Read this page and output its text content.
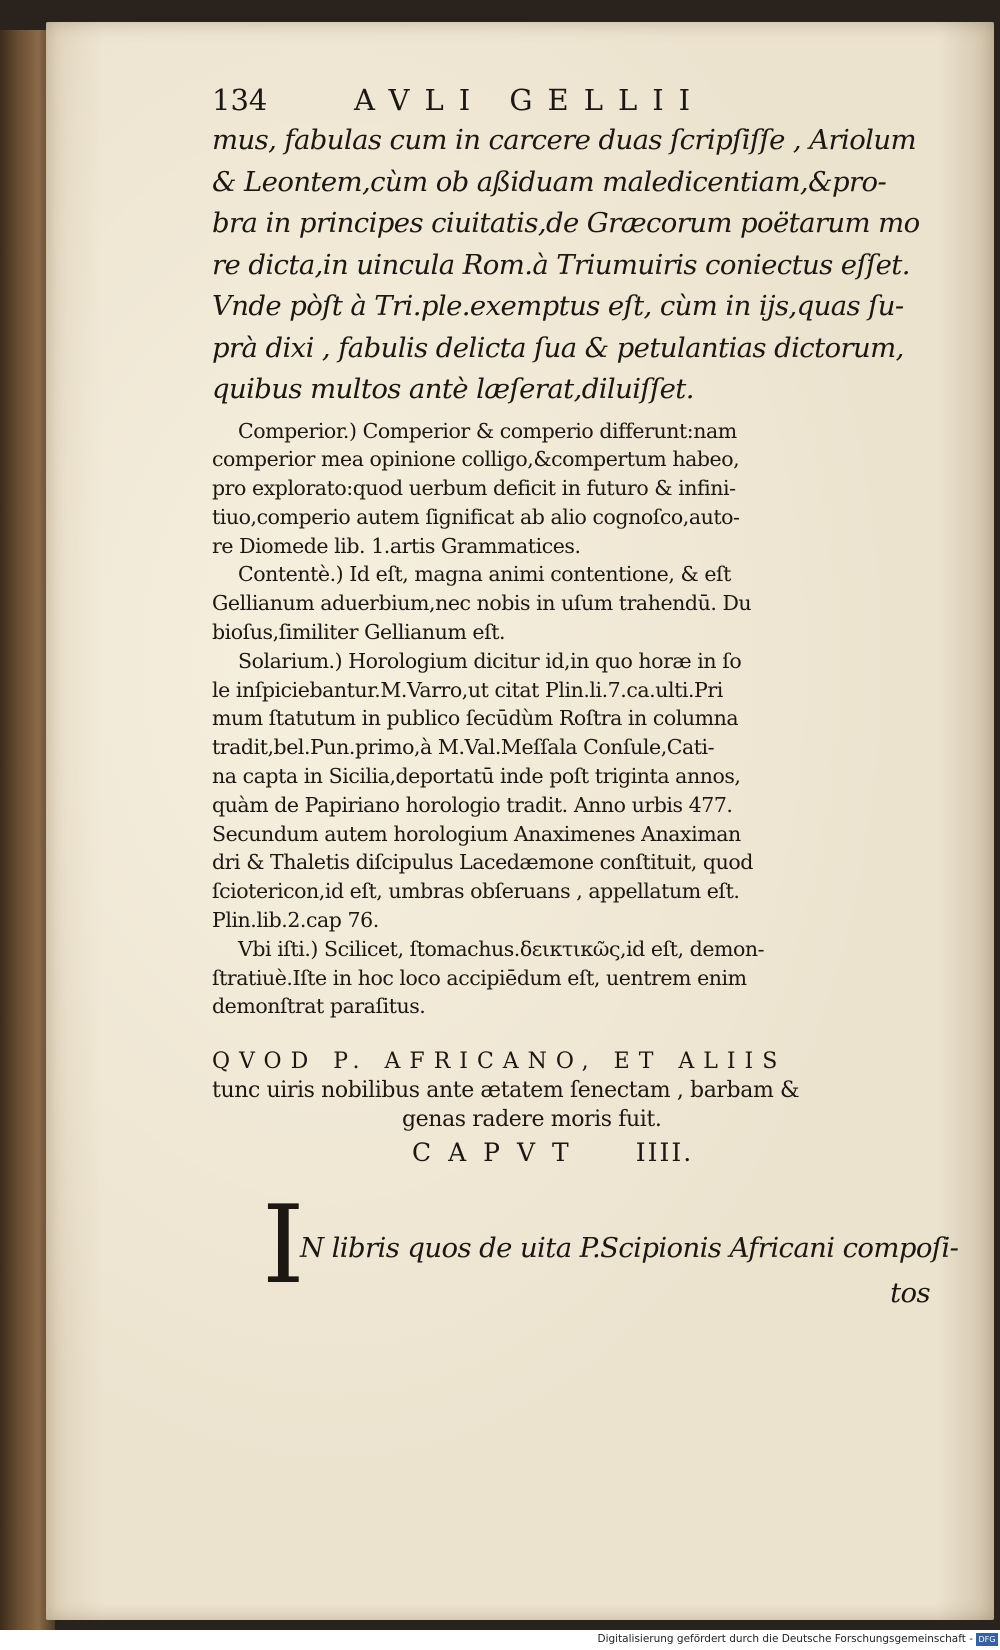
134	AVLI GELLII
mus, fabulas cum in carcere duas ſcripſiſſe , Ariolum
& Leontem,cùm ob aßiduam maledicentiam,&pro-
bra in principes ciuitatis,de Græcorum poëtarum mo
re dicta,in uincula Rom.à Triumuiris coniectus eſſet.
Vnde pòſt à Tri.ple.exemptus eſt, cùm in ijs,quas ſu-
prà dixi , fabulis delicta ſua & petulantias dictorum,
quibus multos antè læſerat,diluiſſet.
Comperior.) Comperior & comperio differunt:nam
comperior mea opinione colligo,&compertum habeo,
pro explorato:quod uerbum deficit in futuro & infini-
tiuo,comperio autem ſignificat ab alio cognoſco,auto-
re Diomede lib. 1.artis Grammatices.
Contentè.) Id eſt, magna animi contentione, & eſt
Gellianum aduerbium,nec nobis in uſum trahendū. Du
bioſus,ſimiliter Gellianum eſt.
Solarium.) Horologium dicitur id,in quo horæ in ſo
le inſpiciebantur.M.Varro,ut citat Plin.li.7.ca.ulti.Pri
mum ſtatutum in publico ſecūdùm Roſtra in columna
tradit,bel.Pun.primo,à M.Val.Meſſala Conſule,Cati-
na capta in Sicilia,deportatū inde poſt triginta annos,
quàm de Papiriano horologio tradit. Anno urbis 477.
Secundum autem horologium Anaximenes Anaximan
dri & Thaletis diſcipulus Lacedæmone conſtituit, quod
ſciotericon,id eſt, umbras obſeruans , appellatum eſt.
Plin.lib.2.cap 76.
Vbi iſti.) Scilicet, ſtomachus.δεικτικῶς,id eſt, demon-
ſtratiuè.Iſte in hoc loco accipiēdum eſt, uentrem enim
demonſtrat paraſitus.
QVOD P. AFRICANO, ET ALIIS
tunc uiris nobilibus ante ætatem ſenectam , barbam &
genas radere moris fuit.
CAPVT IIII.
I
N libris quos de uita P.Scipionis Africani compoſi-
tos
Digitalisierung gefördert durch die Deutsche Forschungsgemeinschaft - DFG
